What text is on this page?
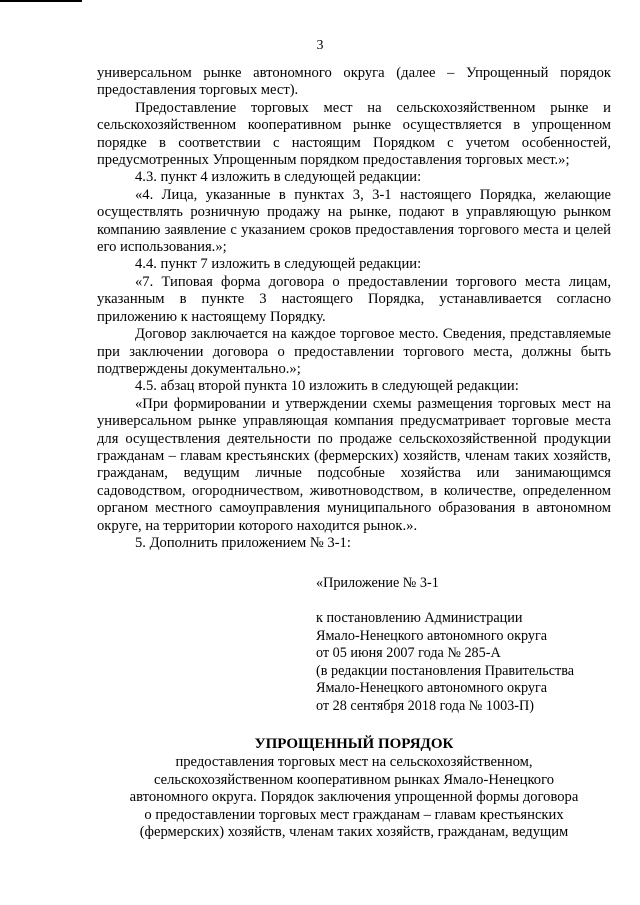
3

универсальном рынке автономного округа (далее – Упрощенный порядок предоставления торговых мест).

Предоставление торговых мест на сельскохозяйственном рынке и сельскохозяйственном кооперативном рынке осуществляется в упрощенном порядке в соответствии с настоящим Порядком с учетом особенностей, предусмотренных Упрощенным порядком предоставления торговых мест.»;

4.3. пункт 4 изложить в следующей редакции:

«4. Лица, указанные в пунктах 3, 3-1 настоящего Порядка, желающие осуществлять розничную продажу на рынке, подают в управляющую рынком компанию заявление с указанием сроков предоставления торгового места и целей его использования.»;

4.4. пункт 7 изложить в следующей редакции:

«7. Типовая форма договора о предоставлении торгового места лицам, указанным в пункте 3 настоящего Порядка, устанавливается согласно приложению к настоящему Порядку.

Договор заключается на каждое торговое место. Сведения, представляемые при заключении договора о предоставлении торгового места, должны быть подтверждены документально.»;

4.5. абзац второй пункта 10 изложить в следующей редакции:

«При формировании и утверждении схемы размещения торговых мест на универсальном рынке управляющая компания предусматривает торговые места для осуществления деятельности по продаже сельскохозяйственной продукции гражданам – главам крестьянских (фермерских) хозяйств, членам таких хозяйств, гражданам, ведущим личные подсобные хозяйства или занимающимся садоводством, огородничеством, животноводством, в количестве, определенном органом местного самоуправления муниципального образования в автономном округе, на территории которого находится рынок.».

5. Дополнить приложением № 3-1:

«Приложение № 3-1
к постановлению Администрации
Ямало-Ненецкого автономного округа
от 05 июня 2007 года № 285-А
(в редакции постановления Правительства
Ямало-Ненецкого автономного округа
от 28 сентября 2018 года № 1003-П)
УПРОЩЕННЫЙ ПОРЯДОК
предоставления торговых мест на сельскохозяйственном,
сельскохозяйственном кооперативном рынках Ямало-Ненецкого
автономного округа. Порядок заключения упрощенной формы договора
о предоставлении торговых мест гражданам – главам крестьянских
(фермерских) хозяйств, членам таких хозяйств, гражданам, ведущим
